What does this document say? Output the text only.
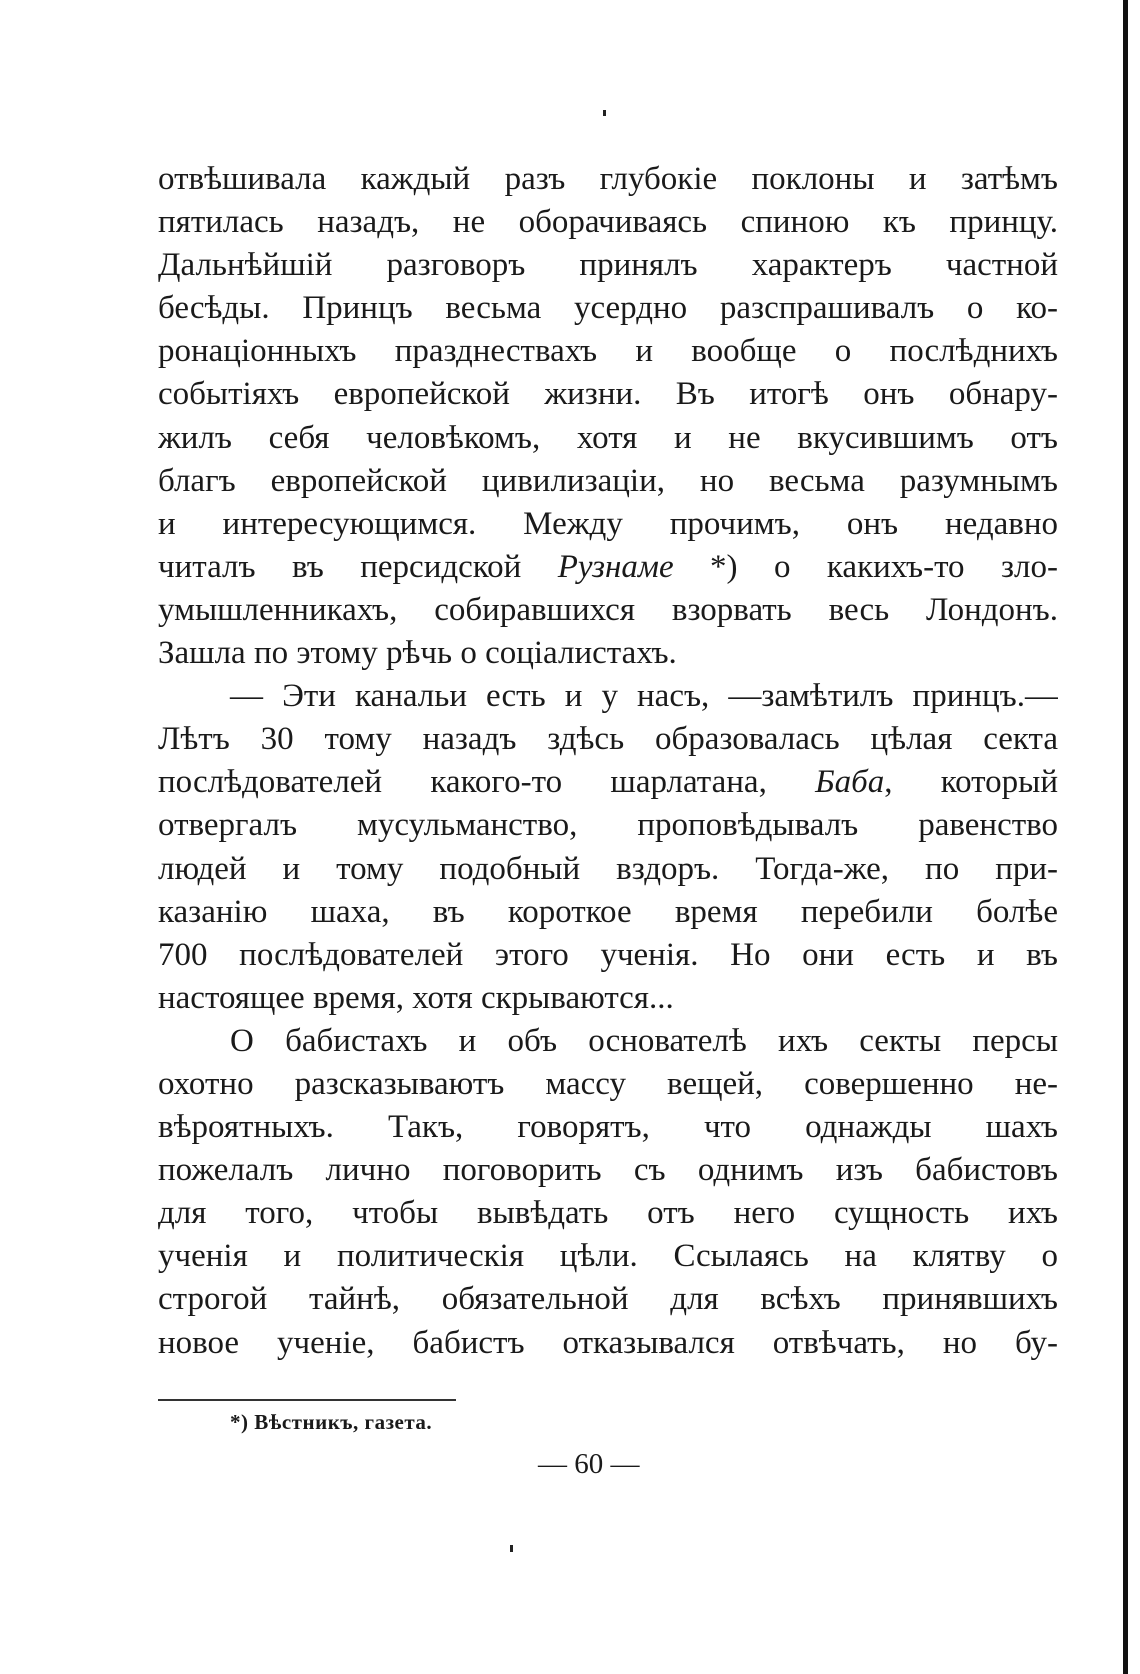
отвѣшивала каждый разъ глубокіе поклоны и затѣмъ
пятилась назадъ, не оборачиваясь спиною къ принцу.
Дальнѣйшій разговоръ принялъ характеръ частной
бесѣды. Принцъ весьма усердно разспрашивалъ о ко-
ронаціонныхъ празднествахъ и вообще о послѣднихъ
событіяхъ европейской жизни. Въ итогѣ онъ обнару-
жилъ себя человѣкомъ, хотя и не вкусившимъ отъ
благъ европейской цивилизаціи, но весьма разумнымъ
и интересующимся. Между прочимъ, онъ недавно
читалъ въ персидской Рузнаме *) о какихъ-то зло-
умышленникахъ, собиравшихся взорвать весь Лондонъ.
Зашла по этому рѣчь о соціалистахъ.
— Эти канальи есть и у насъ, —замѣтилъ принцъ.—
Лѣтъ 30 тому назадъ здѣсь образовалась цѣлая секта
послѣдователей какого-то шарлатана, Баба, который
отвергалъ мусульманство, проповѣдывалъ равенство
людей и тому подобный вздоръ. Тогда-же, по при-
казанію шаха, въ короткое время перебили болѣе
700 послѣдователей этого ученія. Но они есть и въ
настоящее время, хотя скрываются...
О бабистахъ и объ основателѣ ихъ секты персы
охотно разсказываютъ массу вещей, совершенно не-
вѣроятныхъ. Такъ, говорятъ, что однажды шахъ
пожелалъ лично поговорить съ однимъ изъ бабистовъ
для того, чтобы вывѣдать отъ него сущность ихъ
ученія и политическія цѣли. Ссылаясь на клятву о
строгой тайнѣ, обязательной для всѣхъ принявшихъ
новое ученіе, бабистъ отказывался отвѣчать, но бу-
*) Вѣстникъ, газета.
— 60 —
